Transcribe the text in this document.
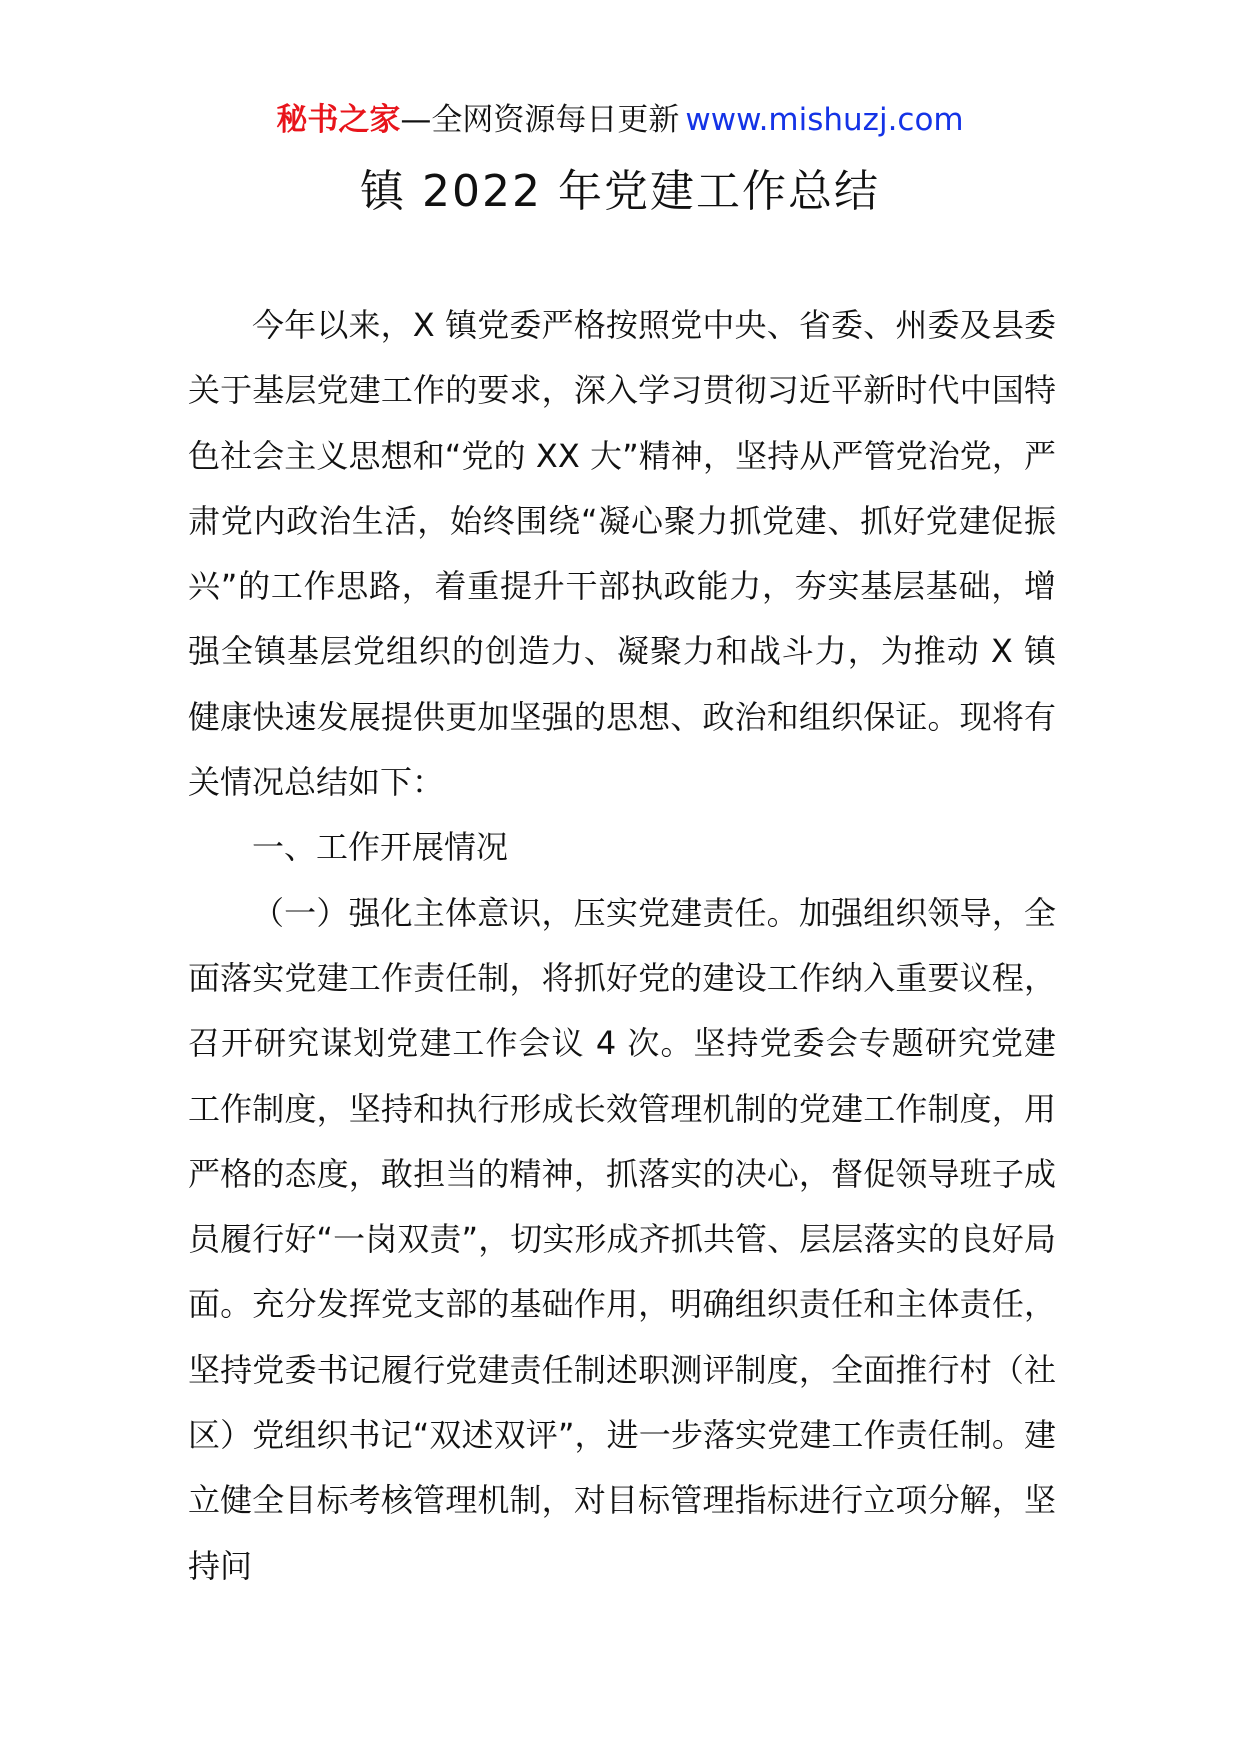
秘书之家—全网资源每日更新 www.mishuzj.com
镇 2022 年党建工作总结

今年以来，X 镇党委严格按照党中央、省委、州委及县委关于基层党建工作的要求，深入学习贯彻习近平新时代中国特色社会主义思想和“党的 XX 大”精神，坚持从严管党治党，严肃党内政治生活，始终围绕“凝心聚力抓党建、抓好党建促振兴”的工作思路，着重提升干部执政能力，夯实基层基础，增强全镇基层党组织的创造力、凝聚力和战斗力，为推动 X 镇健康快速发展提供更加坚强的思想、政治和组织保证。现将有关情况总结如下：

一、工作开展情况

（一）强化主体意识，压实党建责任。加强组织领导，全面落实党建工作责任制，将抓好党的建设工作纳入重要议程，召开研究谋划党建工作会议 4 次。坚持党委会专题研究党建工作制度，坚持和执行形成长效管理机制的党建工作制度，用严格的态度，敢担当的精神，抓落实的决心，督促领导班子成员履行好“一岗双责”，切实形成齐抓共管、层层落实的良好局面。充分发挥党支部的基础作用，明确组织责任和主体责任，坚持党委书记履行党建责任制述职测评制度，全面推行村（社区）党组织书记“双述双评”，进一步落实党建工作责任制。建立健全目标考核管理机制，对目标管理指标进行立项分解，坚持问
